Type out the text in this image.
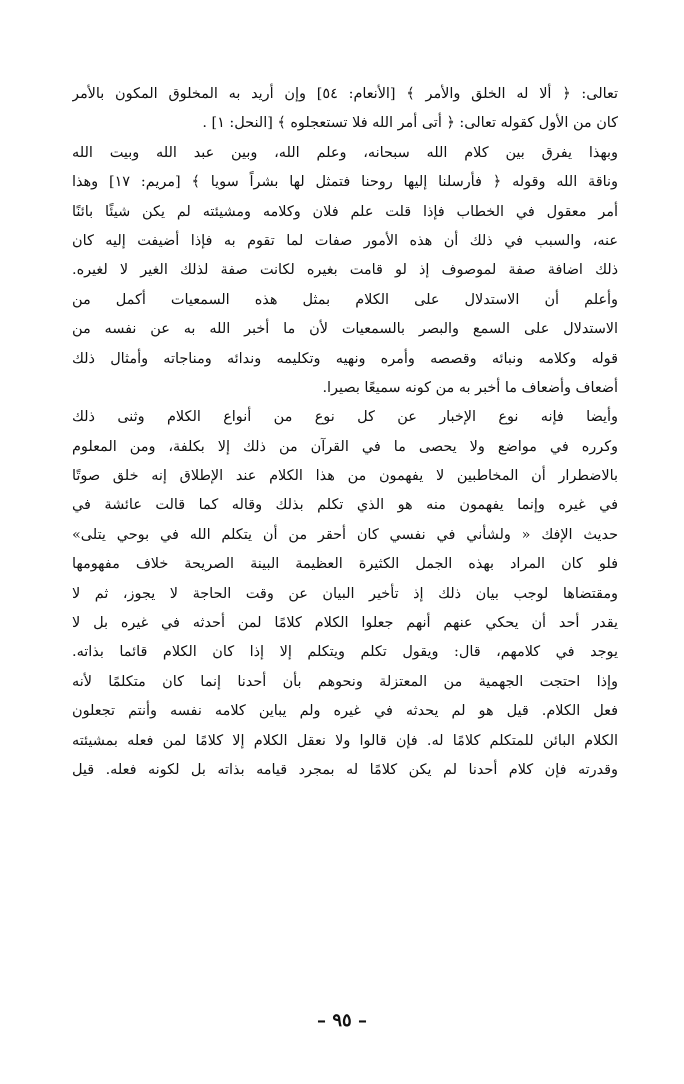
تعالى: ﴿ ألا له الخلق والأمر ﴾ [الأنعام: ٥٤] وإن أريد به المخلوق المكون بالأمر
كان من الأول كقوله تعالى: ﴿ أتى أمر الله فلا تستعجلوه ﴾ [النحل: ١] .
وبهذا يفرق بين كلام الله سبحانه، وعلم الله، وبين عبد الله وبيت الله
وناقة الله وقوله ﴿ فأرسلنا إليها روحنا فتمثل لها بشراً سويا ﴾ [مريم: ١٧] وهذا
أمر معقول في الخطاب فإذا قلت علم فلان وكلامه ومشيئته لم يكن شيئًا بائنًا
عنه، والسبب في ذلك أن هذه الأمور صفات لما تقوم به فإذا أضيفت إليه كان
ذلك اضافة صفة لموصوف إذ لو قامت بغيره لكانت صفة لذلك الغير لا لغيره.
وأعلم أن الاستدلال على الكلام بمثل هذه السمعيات أكمل من
الاستدلال على السمع والبصر بالسمعيات لأن ما أخبر الله به عن نفسه من
قوله وكلامه ونبائه وقصصه وأمره ونهيه وتكليمه وندائه ومناجاته وأمثال ذلك
أضعاف وأضعاف ما أخبر به من كونه سميعًا بصيرا.
وأيضا فإنه نوع الإخبار عن كل نوع من أنواع الكلام وثنى ذلك
وكرره في مواضع ولا يحصى ما في القرآن من ذلك إلا بكلفة، ومن المعلوم
بالاضطرار أن المخاطبين لا يفهمون من هذا الكلام عند الإطلاق إنه خلق صوتًا
في غيره وإنما يفهمون منه هو الذي تكلم بذلك وقاله كما قالت عائشة في
حديث الإفك « ولشأني في نفسي كان أحقر من أن يتكلم الله في بوحي يتلى»
فلو كان المراد بهذه الجمل الكثيرة العظيمة البينة الصريحة خلاف مفهومها
ومقتضاها لوجب بيان ذلك إذ تأخير البيان عن وقت الحاجة لا يجوز، ثم لا
يقدر أحد أن يحكي عنهم أنهم جعلوا الكلام كلامًا لمن أحدثه في غيره بل لا
يوجد في كلامهم، قال: ويقول تكلم ويتكلم إلا إذا كان الكلام قائما بذاته.
وإذا احتجت الجهمية من المعتزلة ونحوهم بأن أحدنا إنما كان متكلمًا لأنه
فعل الكلام. قيل هو لم يحدثه في غيره ولم يباين كلامه نفسه وأنتم تجعلون
الكلام البائن للمتكلم كلامًا له. فإن قالوا ولا نعقل الكلام إلا كلامًا لمن فعله بمشيئته
وقدرته فإن كلام أحدنا لم يكن كلامًا له بمجرد قيامه بذاته بل لكونه فعله. قيل
– ٩٥ –
